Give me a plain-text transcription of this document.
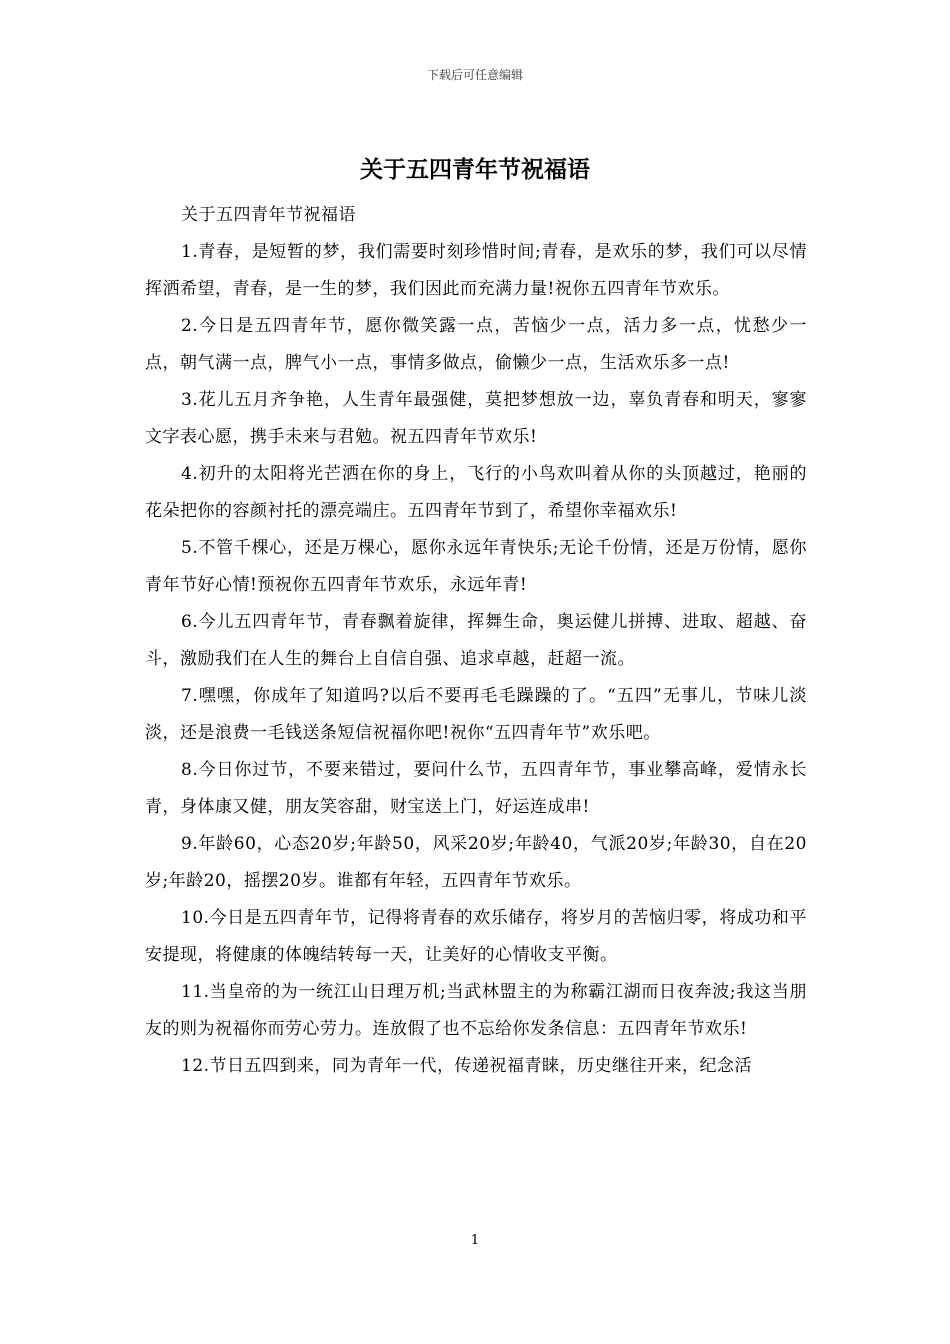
下载后可任意编辑
关于五四青年节祝福语

关于五四青年节祝福语

1.青春，是短暂的梦，我们需要时刻珍惜时间;青春，是欢乐的梦，我们可以尽情挥洒希望，青春，是一生的梦，我们因此而充满力量!祝你五四青年节欢乐。

2.今日是五四青年节，愿你微笑露一点，苦恼少一点，活力多一点，忧愁少一点，朝气满一点，脾气小一点，事情多做点，偷懒少一点，生活欢乐多一点!

3.花儿五月齐争艳，人生青年最强健，莫把梦想放一边，辜负青春和明天，寥寥文字表心愿，携手未来与君勉。祝五四青年节欢乐!

4.初升的太阳将光芒洒在你的身上，飞行的小鸟欢叫着从你的头顶越过，艳丽的花朵把你的容颜衬托的漂亮端庄。五四青年节到了，希望你幸福欢乐!

5.不管千棵心，还是万棵心，愿你永远年青快乐;无论千份情，还是万份情，愿你青年节好心情!预祝你五四青年节欢乐，永远年青!

6.今儿五四青年节，青春飘着旋律，挥舞生命，奥运健儿拼搏、进取、超越、奋斗，激励我们在人生的舞台上自信自强、追求卓越，赶超一流。

7.嘿嘿，你成年了知道吗?以后不要再毛毛躁躁的了。“五四”无事儿，节味儿淡淡，还是浪费一毛钱送条短信祝福你吧!祝你“五四青年节”欢乐吧。

8.今日你过节，不要来错过，要问什么节，五四青年节，事业攀高峰，爱情永长青，身体康又健，朋友笑容甜，财宝送上门，好运连成串!

9.年龄60，心态20岁;年龄50，风采20岁;年龄40，气派20岁;年龄30，自在20岁;年龄20，摇摆20岁。谁都有年轻，五四青年节欢乐。

10.今日是五四青年节，记得将青春的欢乐储存，将岁月的苦恼归零，将成功和平安提现，将健康的体魄结转每一天，让美好的心情收支平衡。

11.当皇帝的为一统江山日理万机;当武林盟主的为称霸江湖而日夜奔波;我这当朋友的则为祝福你而劳心劳力。连放假了也不忘给你发条信息：五四青年节欢乐!

12.节日五四到来，同为青年一代，传递祝福青睐，历史继往开来，纪念活

1
